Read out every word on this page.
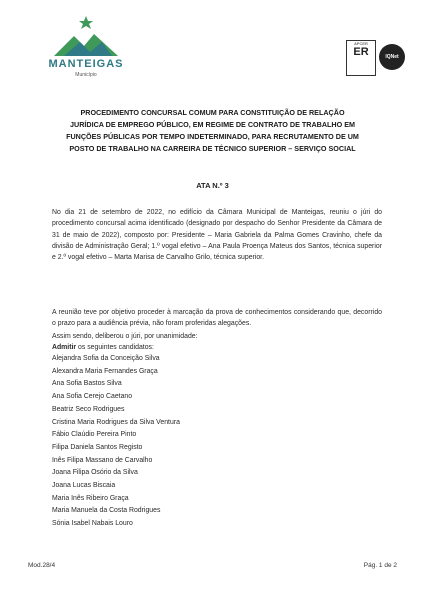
MANTEIGAS
Município
APCER
ER	IQNet
PROCEDIMENTO CONCURSAL COMUM PARA CONSTITUIÇÃO DE RELAÇÃO
JURÍDICA DE EMPREGO PÚBLICO, EM REGIME DE CONTRATO DE TRABALHO EM
FUNÇÕES PÚBLICAS POR TEMPO INDETERMINADO, PARA RECRUTAMENTO DE UM
POSTO DE TRABALHO NA CARREIRA DE TÉCNICO SUPERIOR – SERVIÇO SOCIAL
ATA N.º 3
No dia 21 de setembro de 2022, no edifício da Câmara Municipal de Manteigas, reuniu o júri do procedimento concursal acima identificado (designado por despacho do Senhor Presidente da Câmara de 31 de maio de 2022), composto por: Presidente – Maria Gabriela da Palma Gomes Cravinho, chefe da divisão de Administração Geral; 1.º vogal efetivo – Ana Paula Proença Mateus dos Santos, técnica superior e 2.º vogal efetivo – Marta Marisa de Carvalho Grilo, técnica superior.
A reunião teve por objetivo proceder à marcação da prova de conhecimentos considerando que, decorrido o prazo para a audiência prévia, não foram proferidas alegações.
Assim sendo, deliberou o júri, por unanimidade:
Admitir os seguintes candidatos:
Alejandra Sofia da Conceição Silva
Alexandra Maria Fernandes Graça
Ana Sofia Bastos Silva
Ana Sofia Cerejo Caetano
Beatriz Seco Rodrigues
Cristina Maria Rodrigues da Silva Ventura
Fábio Claúdio Pereira Pinto
Filipa Daniela Santos Registo
Inês Filipa Massano de Carvalho
Joana Filipa Osório da Silva
Joana Lucas Biscaia
Maria Inês Ribeiro Graça
Maria Manuela da Costa Rodrigues
Sónia Isabel Nabais Louro
Mod.28/4	Pág. 1 de 2
